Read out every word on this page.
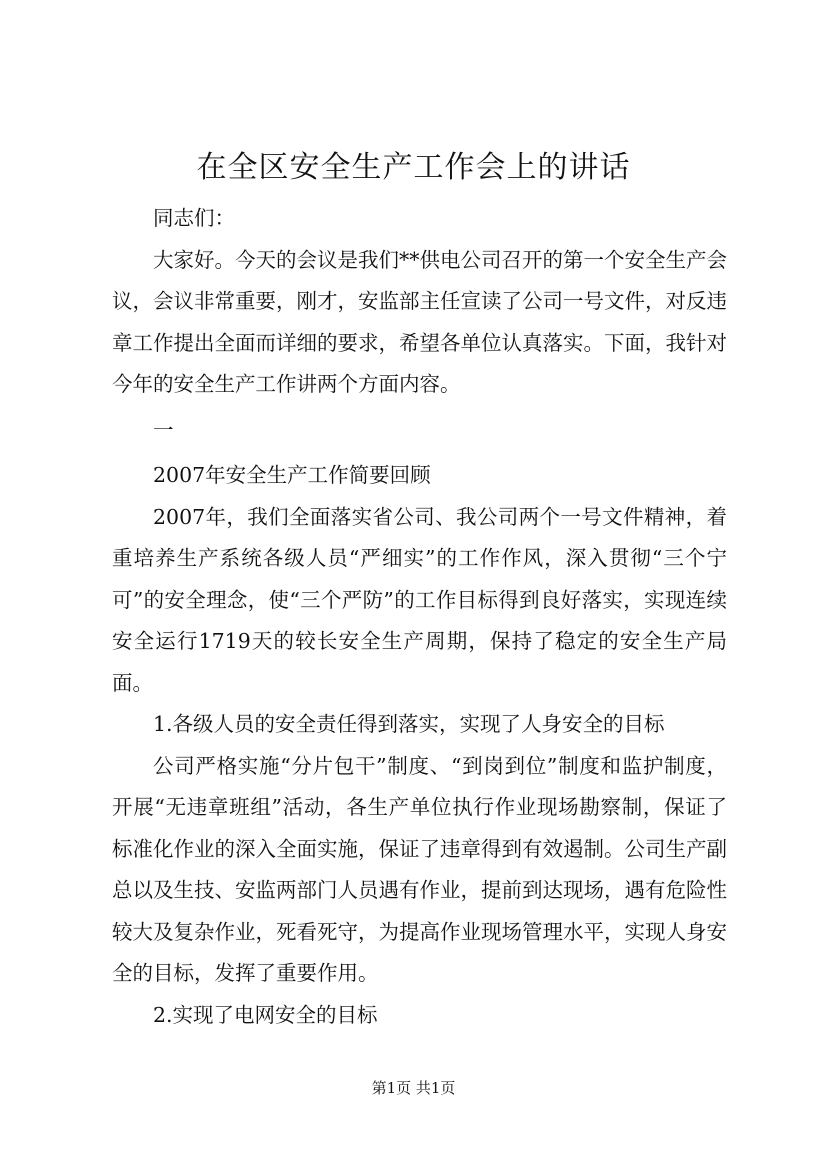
在全区安全生产工作会上的讲话

同志们：

大家好。今天的会议是我们**供电公司召开的第一个安全生产会议，会议非常重要，刚才，安监部主任宣读了公司一号文件，对反违章工作提出全面而详细的要求，希望各单位认真落实。下面，我针对今年的安全生产工作讲两个方面内容。

一

2007年安全生产工作简要回顾

2007年，我们全面落实省公司、我公司两个一号文件精神，着重培养生产系统各级人员“严细实”的工作作风，深入贯彻“三个宁可”的安全理念，使“三个严防”的工作目标得到良好落实，实现连续安全运行1719天的较长安全生产周期，保持了稳定的安全生产局面。

1.各级人员的安全责任得到落实，实现了人身安全的目标

公司严格实施“分片包干”制度、“到岗到位”制度和监护制度，开展“无违章班组”活动，各生产单位执行作业现场勘察制，保证了标准化作业的深入全面实施，保证了违章得到有效遏制。公司生产副总以及生技、安监两部门人员遇有作业，提前到达现场，遇有危险性较大及复杂作业，死看死守，为提高作业现场管理水平，实现人身安全的目标，发挥了重要作用。

2.实现了电网安全的目标

第1页 共1页
